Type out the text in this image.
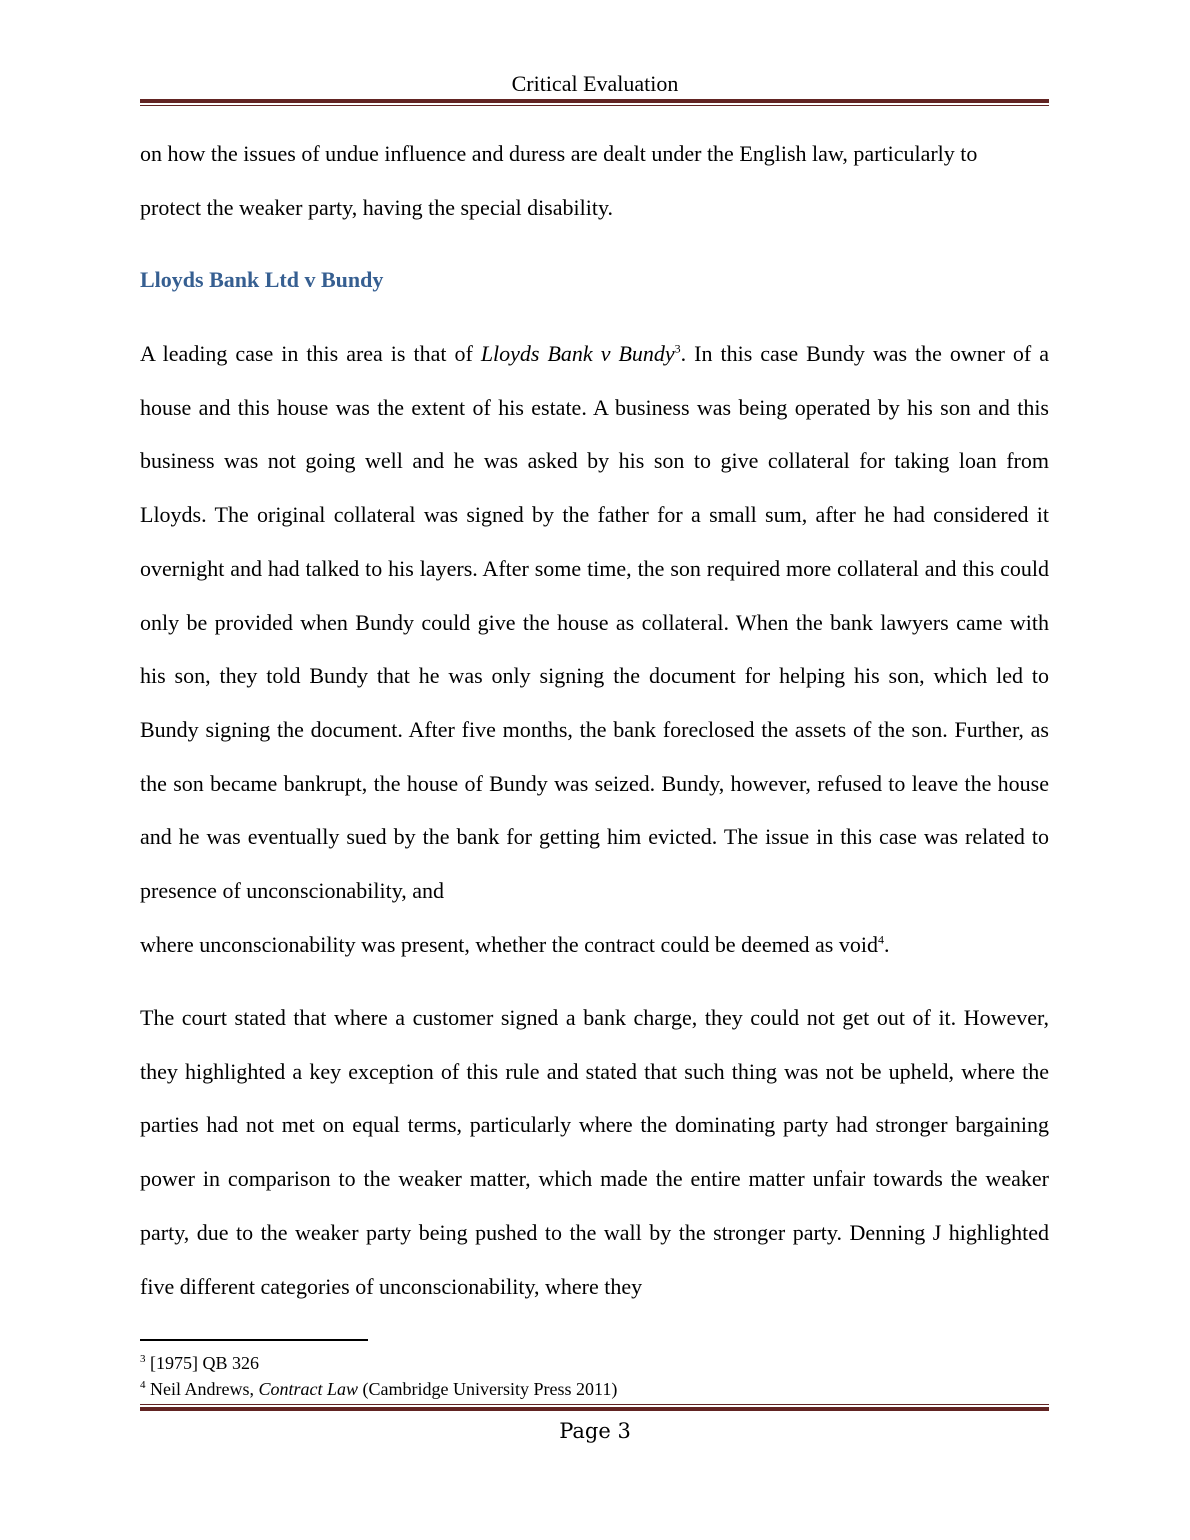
Critical Evaluation

on how the issues of undue influence and duress are dealt under the English law, particularly to
protect the weaker party, having the special disability.

Lloyds Bank Ltd v Bundy

A leading case in this area is that of Lloyds Bank v Bundy$^3$. In this case Bundy was the owner of a house and this house was the extent of his estate. A business was being operated by his son and this business was not going well and he was asked by his son to give collateral for taking loan from Lloyds. The original collateral was signed by the father for a small sum, after he had considered it overnight and had talked to his layers. After some time, the son required more collateral and this could only be provided when Bundy could give the house as collateral. When the bank lawyers came with his son, they told Bundy that he was only signing the document for helping his son, which led to Bundy signing the document. After five months, the bank foreclosed the assets of the son. Further, as the son became bankrupt, the house of Bundy was seized. Bundy, however, refused to leave the house and he was eventually sued by the bank for getting him evicted. The issue in this case was related to presence of unconscionability, and
where unconscionability was present, whether the contract could be deemed as void$^4$.

The court stated that where a customer signed a bank charge, they could not get out of it. However, they highlighted a key exception of this rule and stated that such thing was not be upheld, where the parties had not met on equal terms, particularly where the dominating party had stronger bargaining power in comparison to the weaker matter, which made the entire matter unfair towards the weaker party, due to the weaker party being pushed to the wall by the stronger party. Denning J highlighted five different categories of unconscionability, where they

$^3$ [1975] QB 326

$^4$ Neil Andrews, Contract Law (Cambridge University Press 2011)

Page 3
